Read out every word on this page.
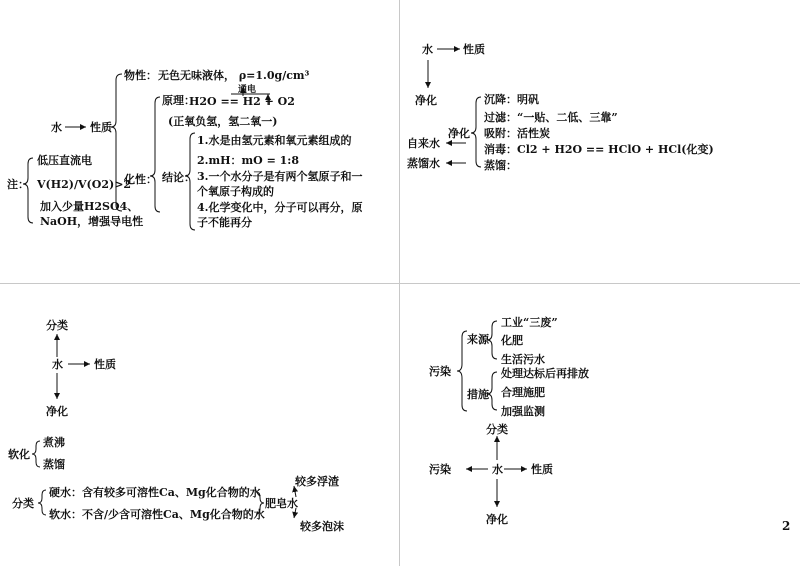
水	性质
物性： 无色无味液体， ρ=1.0g/cm³
化性：
原理：
通电
H2O == H2 + O2
(正氧负氢，氢二氧一)
结论：
1.水是由氢元素和氧元素组成的
2.mH：mO = 1:8
3.一个水分子是有两个氢原子和一
个氧原子构成的
4.化学变化中，分子可以再分，原
子不能再分
注：
低压直流电
V(H2)/V(O2)>2
加入少量H2SO4、
NaOH，增强导电性
水	性质
净化
净化
自来水
蒸馏水
沉降： 明矾
过滤： “一贴、二低、三靠”
吸附： 活性炭
消毒： Cl2 + H2O == HClO + HCl(化变)
蒸馏：
分类
水	性质
净化
软化
煮沸
蒸馏
分类
硬水：含有较多可溶性Ca、Mg化合物的水
软水：不含/少含可溶性Ca、Mg化合物的水
肥皂水
较多浮渣
较多泡沫
污染
来源
工业“三废”
化肥
生活污水
措施
处理达标后再排放
合理施肥
加强监测
分类
水	性质
污染
净化	2
